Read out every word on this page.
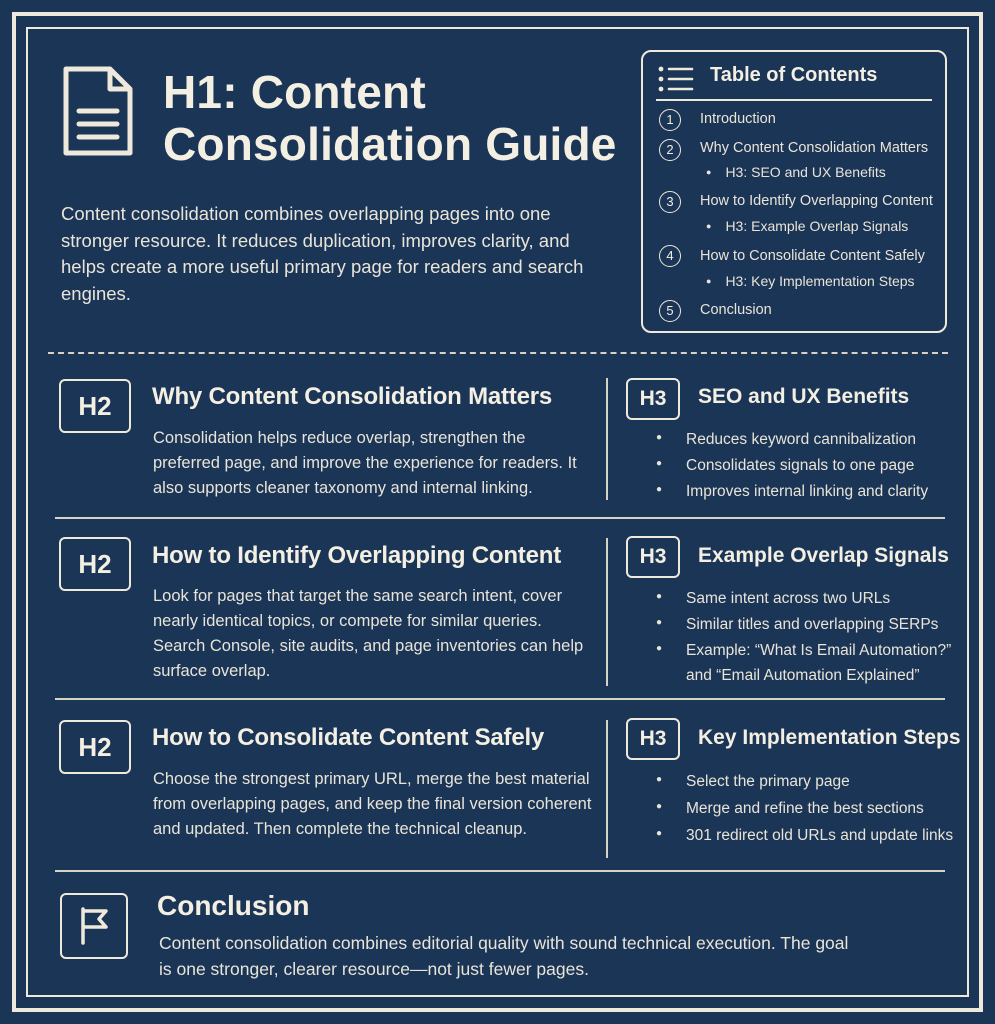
H1: Content Consolidation Guide
Content consolidation combines overlapping pages into one stronger resource. It reduces duplication, improves clarity, and helps create a more useful primary page for readers and search engines.
Table of Contents
1	Introduction
2	Why Content Consolidation Matters
● H3: SEO and UX Benefits
3	How to Identify Overlapping Content
● H3: Example Overlap Signals
4	How to Consolidate Content Safely
● H3: Key Implementation Steps
5	Conclusion
H2	Why Content Consolidation Matters
Consolidation helps reduce overlap, strengthen the preferred page, and improve the experience for readers. It also supports cleaner taxonomy and internal linking.
H3	SEO and UX Benefits
● Reduces keyword cannibalization
● Consolidates signals to one page
● Improves internal linking and clarity
H2	How to Identify Overlapping Content
Look for pages that target the same search intent, cover nearly identical topics, or compete for similar queries. Search Console, site audits, and page inventories can help surface overlap.
H3	Example Overlap Signals
● Same intent across two URLs
● Similar titles and overlapping SERPs
● Example: “What Is Email Automation?”
and “Email Automation Explained”
H2	How to Consolidate Content Safely
Choose the strongest primary URL, merge the best material from overlapping pages, and keep the final version coherent and updated. Then complete the technical cleanup.
H3	Key Implementation Steps
● Select the primary page
● Merge and refine the best sections
● 301 redirect old URLs and update links
Conclusion
Content consolidation combines editorial quality with sound technical execution. The goal is one stronger, clearer resource—not just fewer pages.
